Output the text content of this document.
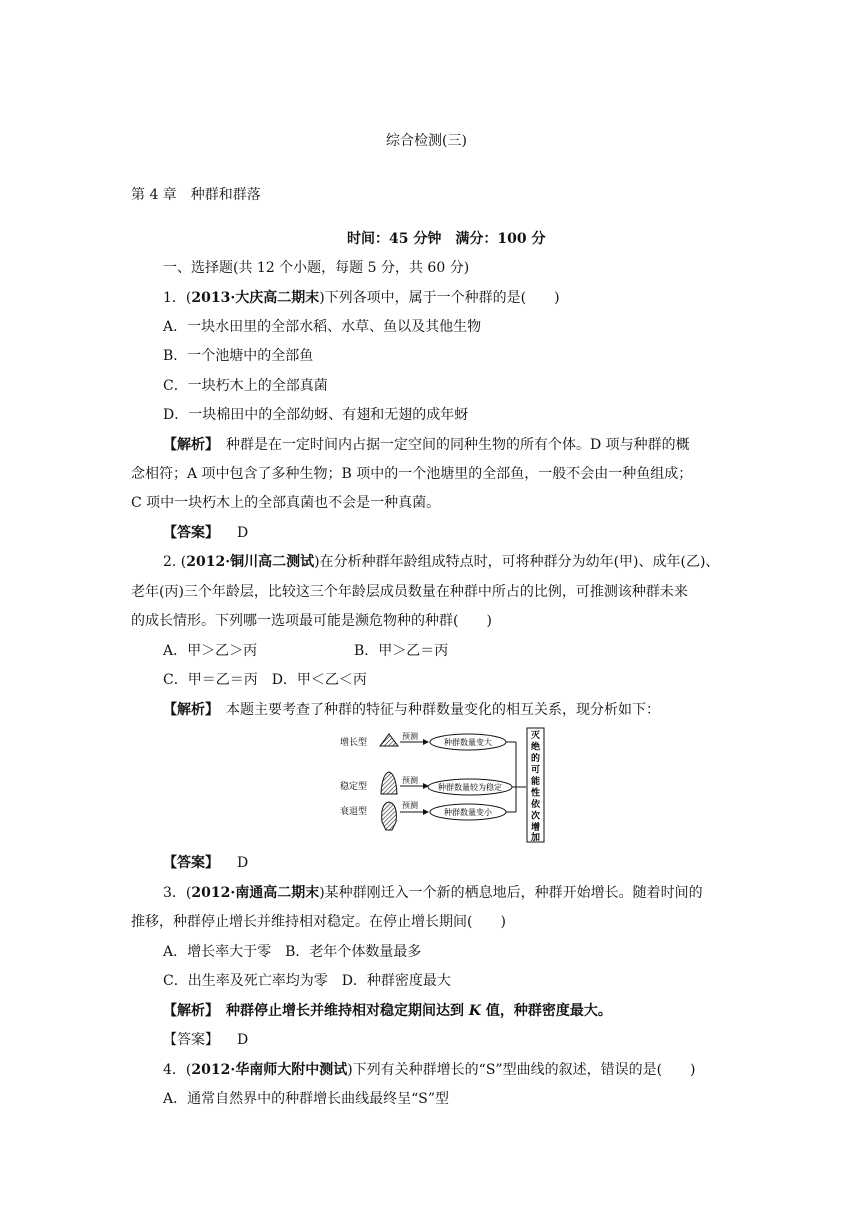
综合检测(三)
第 4 章　种群和群落
时间：45 分钟　满分：100 分
一、选择题(共 12 个小题，每题 5 分，共 60 分)
1．(2013·大庆高二期末)下列各项中，属于一个种群的是(　　)
A．一块水田里的全部水稻、水草、鱼以及其他生物
B．一个池塘中的全部鱼
C．一块朽木上的全部真菌
D．一块棉田中的全部幼蚜、有翅和无翅的成年蚜
【解析】　种群是在一定时间内占据一定空间的同种生物的所有个体。D 项与种群的概
念相符；A 项中包含了多种生物；B 项中的一个池塘里的全部鱼，一般不会由一种鱼组成；
C 项中一块朽木上的全部真菌也不会是一种真菌。
【答案】 D
2. (2012·铜川高二测试)在分析种群年龄组成特点时，可将种群分为幼年(甲)、成年(乙)、
老年(丙)三个年龄层，比较这三个年龄层成员数量在种群中所占的比例，可推测该种群未来
的成长情形。下列哪一选项最可能是濒危物种的种群(　　)
A．甲＞乙＞丙	B．甲＞乙＝丙
C．甲＝乙＝丙　D．甲＜乙＜丙
【解析】　本题主要考查了种群的特征与种群数量变化的相互关系，现分析如下：
增长型
预测
种群数量变大
稳定型
预测
种群数量较为稳定
衰退型
预测
种群数量变小
灭
绝
的
可
能
性
依
次
增
加
【答案】 D
3．(2012·南通高二期末)某种群刚迁入一个新的栖息地后，种群开始增长。随着时间的
推移，种群停止增长并维持相对稳定。在停止增长期间(　　)
A．增长率大于零　B．老年个体数量最多
C．出生率及死亡率均为零　D．种群密度最大
【解析】　种群停止增长并维持相对稳定期间达到 K 值，种群密度最大。
【答案】 D
4．(2012·华南师大附中测试)下列有关种群增长的“S”型曲线的叙述，错误的是(　　)
A．通常自然界中的种群增长曲线最终呈“S”型
